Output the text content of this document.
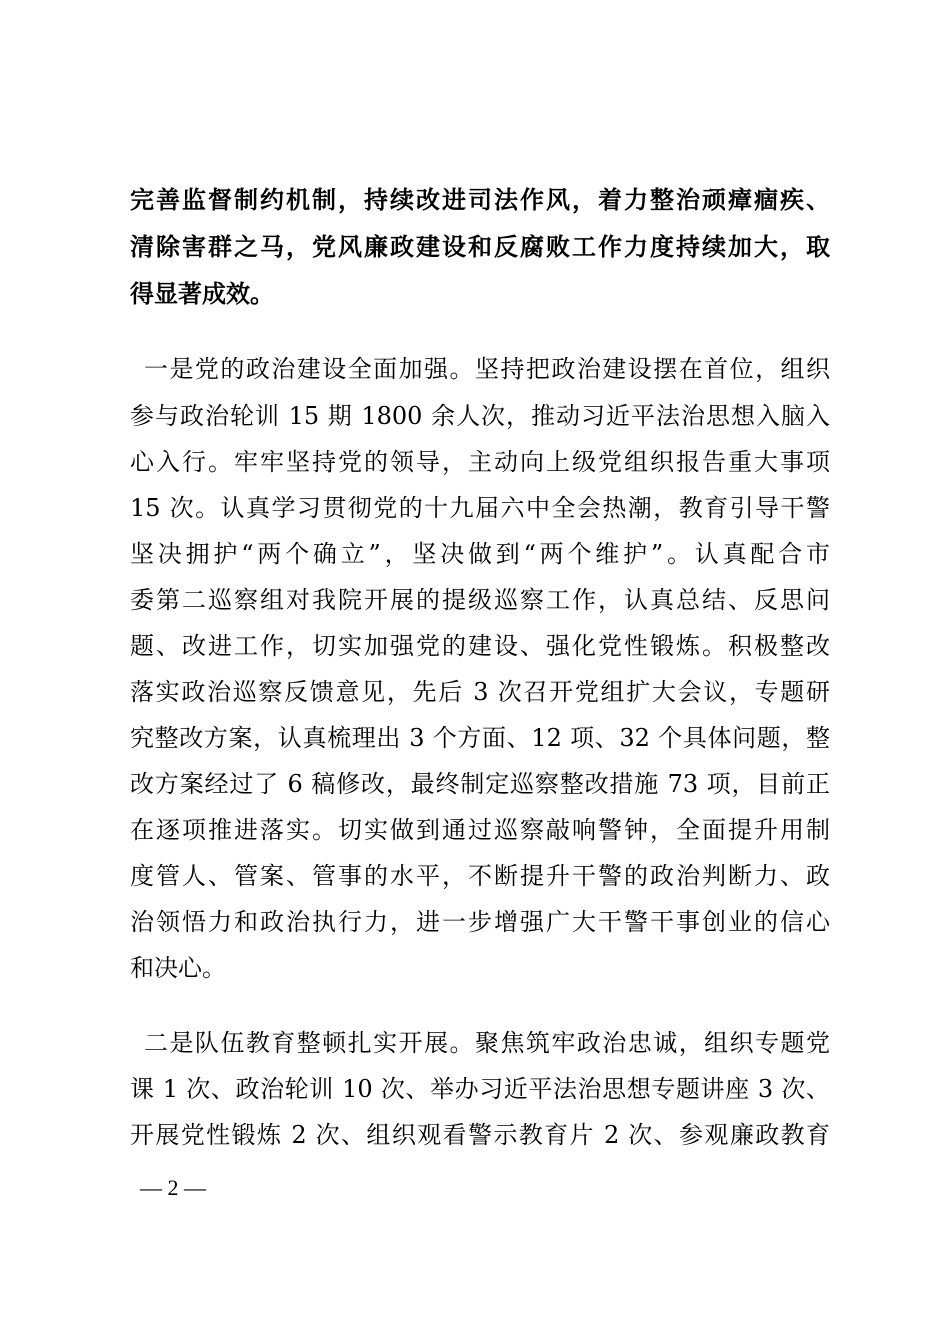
完善监督制约机制，持续改进司法作风，着力整治顽瘴痼疾、
清除害群之马，党风廉政建设和反腐败工作力度持续加大，取
得显著成效。
一是党的政治建设全面加强。坚持把政治建设摆在首位，组织
参与政治轮训 15 期 1800 余人次，推动习近平法治思想入脑入
心入行。牢牢坚持党的领导，主动向上级党组织报告重大事项
15 次。认真学习贯彻党的十九届六中全会热潮，教育引导干警
坚决拥护“两个确立”，坚决做到“两个维护”。认真配合市
委第二巡察组对我院开展的提级巡察工作，认真总结、反思问
题、改进工作，切实加强党的建设、强化党性锻炼。积极整改
落实政治巡察反馈意见，先后 3 次召开党组扩大会议，专题研
究整改方案，认真梳理出 3 个方面、12 项、32 个具体问题，整
改方案经过了 6 稿修改，最终制定巡察整改措施 73 项，目前正
在逐项推进落实。切实做到通过巡察敲响警钟，全面提升用制
度管人、管案、管事的水平，不断提升干警的政治判断力、政
治领悟力和政治执行力，进一步增强广大干警干事创业的信心
和决心。
二是队伍教育整顿扎实开展。聚焦筑牢政治忠诚，组织专题党
课 1 次、政治轮训 10 次、举办习近平法治思想专题讲座 3 次、
开展党性锻炼 2 次、组织观看警示教育片 2 次、参观廉政教育
— 2 —
